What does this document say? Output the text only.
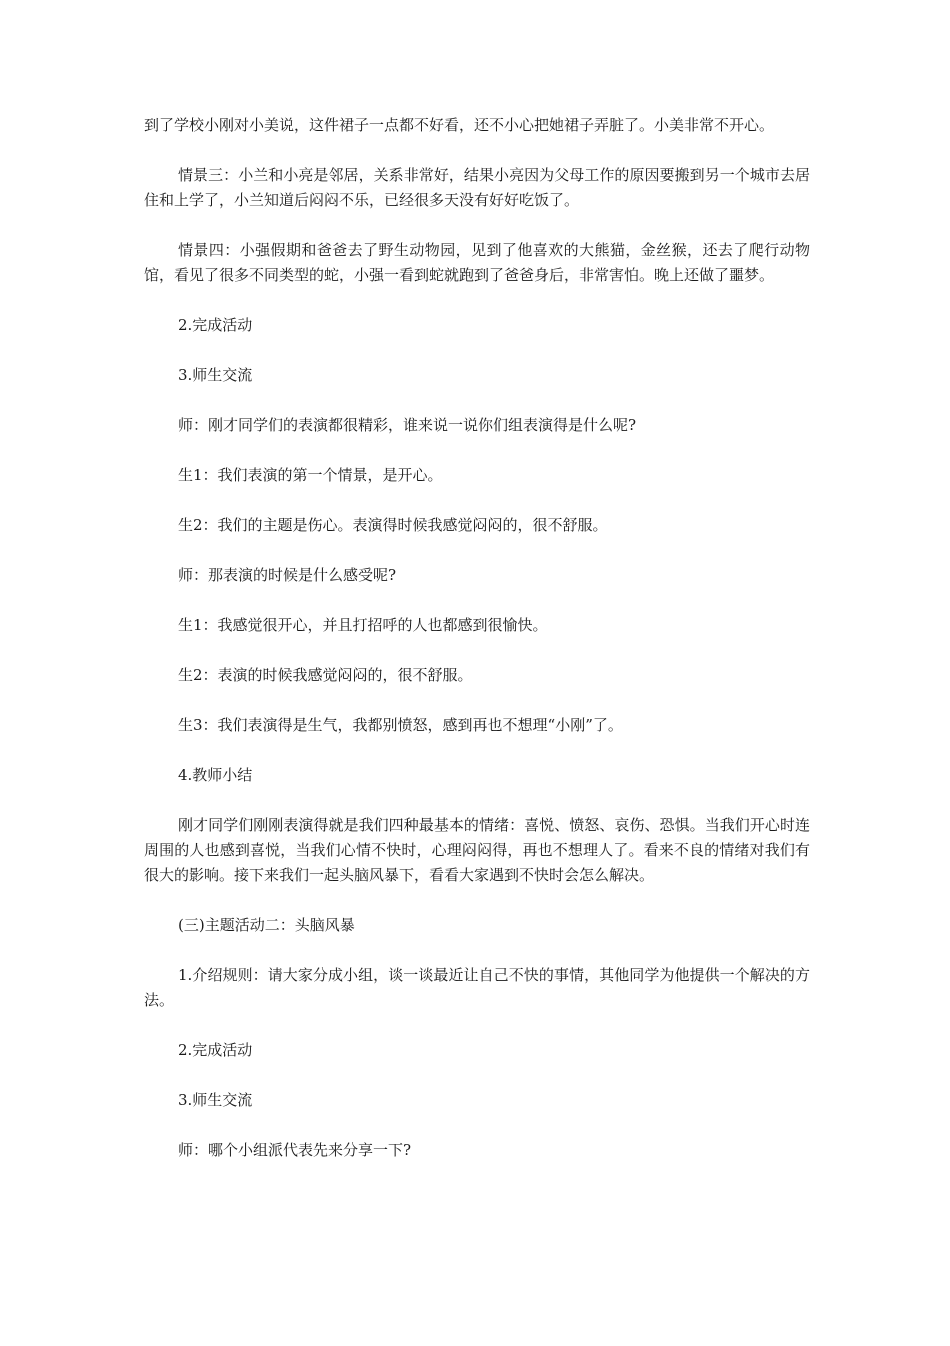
到了学校小刚对小美说，这件裙子一点都不好看，还不小心把她裙子弄脏了。小美非常不开心。

情景三：小兰和小亮是邻居，关系非常好，结果小亮因为父母工作的原因要搬到另一个城市去居住和上学了，小兰知道后闷闷不乐，已经很多天没有好好吃饭了。

情景四：小强假期和爸爸去了野生动物园，见到了他喜欢的大熊猫，金丝猴，还去了爬行动物馆，看见了很多不同类型的蛇，小强一看到蛇就跑到了爸爸身后，非常害怕。晚上还做了噩梦。

2.完成活动

3.师生交流

师：刚才同学们的表演都很精彩，谁来说一说你们组表演得是什么呢?

生1：我们表演的第一个情景，是开心。

生2：我们的主题是伤心。表演得时候我感觉闷闷的，很不舒服。

师：那表演的时候是什么感受呢?

生1：我感觉很开心，并且打招呼的人也都感到很愉快。

生2：表演的时候我感觉闷闷的，很不舒服。

生3：我们表演得是生气，我都别愤怒，感到再也不想理“小刚”了。

4.教师小结

刚才同学们刚刚表演得就是我们四种最基本的情绪：喜悦、愤怒、哀伤、恐惧。当我们开心时连周围的人也感到喜悦，当我们心情不快时，心理闷闷得，再也不想理人了。看来不良的情绪对我们有很大的影响。接下来我们一起头脑风暴下，看看大家遇到不快时会怎么解决。

(三)主题活动二：头脑风暴

1.介绍规则：请大家分成小组，谈一谈最近让自己不快的事情，其他同学为他提供一个解决的方法。

2.完成活动

3.师生交流

师：哪个小组派代表先来分享一下?
